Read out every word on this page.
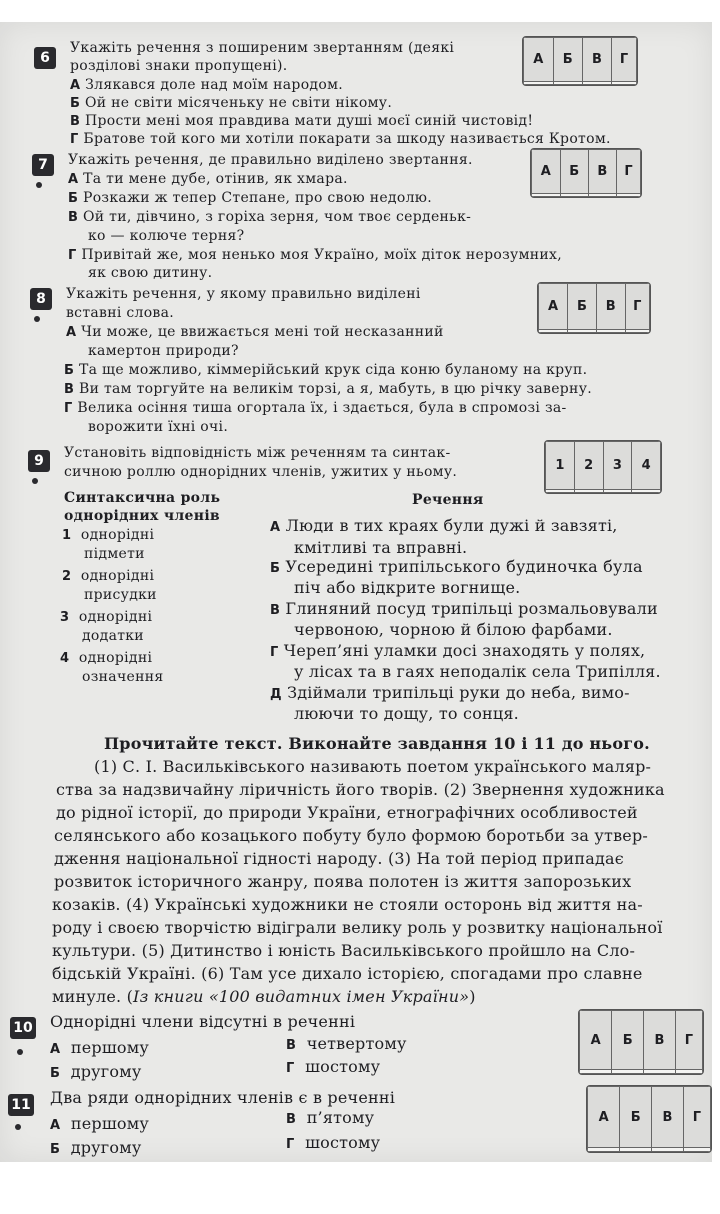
6
Укажіть речення з поширеним звертанням (деякі
розділові знаки пропущені).
А Злякався доле над моїм народом.
Б Ой не світи місяченьку не світи нікому.
В Прости мені моя правдива мати душі моєї синій чистовід!
Г Братове той кого ми хотіли покарати за шкоду називається Кротом.
А	Б	В	Г

7	Укажіть речення, де правильно виділено звертання.
А Та ти мене дубе, отінив, як хмара.
Б Розкажи ж тепер Степане, про свою недолю.
В Ой ти, дівчино, з горіха зерня, чом твоє серденьк-
ко — колюче терня?
Г Привітай же, моя ненько моя Україно, моїх діток нерозумних,
як свою дитину.
А	Б	В	Г

8	Укажіть речення, у якому правильно виділені
вставні слова.
А Чи може, це ввижається мені той несказанний
камертон природи?
Б Та ще можливо, кіммерійський крук сіда коню буланому на круп.
В Ви там торгуйте на великім торзі, а я, мабуть, в цю річку заверну.
Г Велика осіння тиша огортала їх, і здається, була в спромозі за-
ворожити їхні очі.
А	Б	В	Г

9	Установіть відповідність між реченням та синтак-
сичною роллю однорідних членів, ужитих у ньому.	1	2	3	4

Синтаксична роль
однорідних членів
Речення
1 однорідні
підмети
2 однорідні
присудки
3 однорідні
додатки
4 однорідні
означення
А Люди в тих краях були дужі й завзяті,
кмітливі та вправні.
Б Усередині трипільського будиночка була
піч або відкрите вогнище.
В Глиняний посуд трипільці розмальовували
червоною, чорною й білою фарбами.
Г Череп’яні уламки досі знаходять у полях,
у лісах та в гаях неподалік села Трипілля.
Д Здіймали трипільці руки до неба, вимо-
люючи то дощу, то сонця.
Прочитайте текст. Виконайте завдання 10 і 11 до нього.
(1) С. І. Васильківського називають поетом українського маляр-
ства за надзвичайну ліричність його творів. (2) Звернення художника
до рідної історії, до природи України, етнографічних особливостей
селянського або козацького побуту було формою боротьби за утвер-
дження національної гідності народу. (3) На той період припадає
розвиток історичного жанру, поява полотен із життя запорозьких
козаків. (4) Українські художники не стояли осторонь від життя на-
роду і своєю творчістю відіграли велику роль у розвитку національної
культури. (5) Дитинство і юність Васильківського пройшло на Сло-
бідській Україні. (6) Там усе дихало історією, спогадами про славне
минуле. (Із книги «100 видатних імен України»)
10 Однорідні члени відсутні в реченні
А першому
Б другому
В четвертому
Г шостому
А	Б	В	Г

11 Два ряди однорідних членів є в реченні
А першому
Б другому
В п’ятому
Г шостому
А	Б	В	Г
